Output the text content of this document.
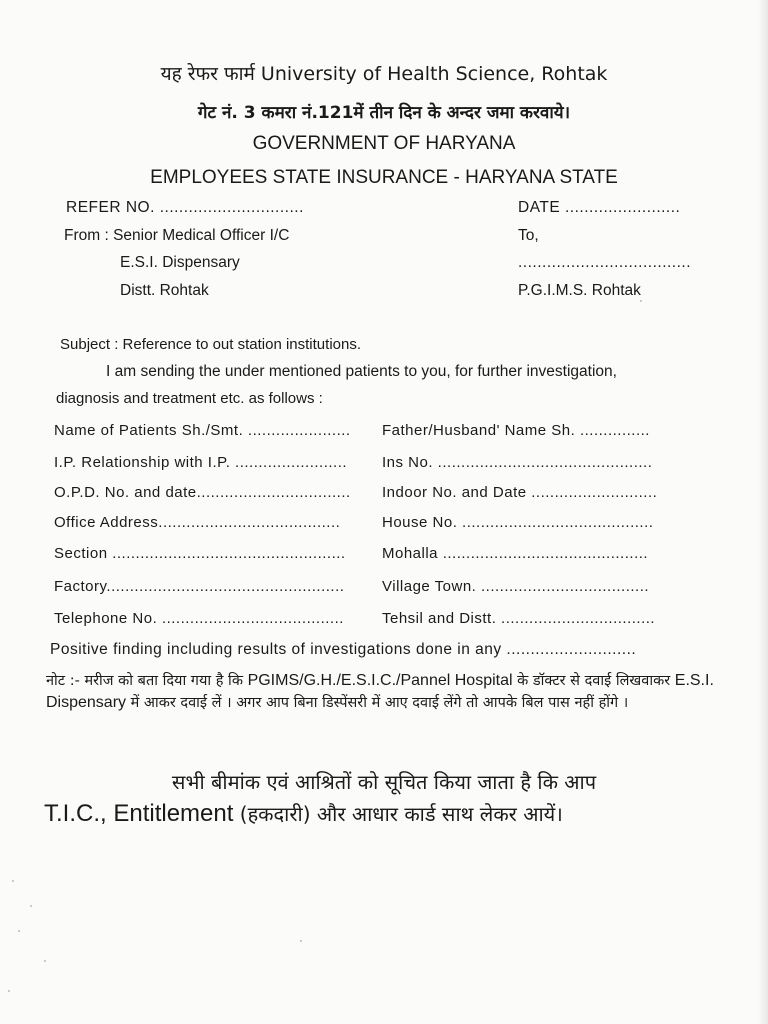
यह रेफर फार्म University of Health Science, Rohtak
गेट नं. 3 कमरा नं.121में तीन दिन के अन्दर जमा करवाये।
GOVERNMENT OF HARYANA
EMPLOYEES STATE INSURANCE - HARYANA STATE
REFER NO. ..............................	DATE ........................
From : Senior Medical Officer I/C	To,
E.S.I. Dispensary	....................................
Distt. Rohtak	P.G.I.M.S. Rohtak
Subject : Reference to out station institutions.
I am sending the under mentioned patients to you, for further investigation,
diagnosis and treatment etc. as follows :
Name of Patients Sh./Smt. ...................... Father/Husband' Name Sh. ...............
I.P. Relationship with I.P. ........................ Ins No. ..............................................
O.P.D. No. and date................................. Indoor No. and Date ...........................
Office Address.......................................	House No. .........................................
Section .................................................. Mohalla ............................................
Factory...................................................	Village Town. ....................................
Telephone No. .......................................	Tehsil and Distt. .................................
Positive finding including results of investigations done in any ...........................
नोट :- मरीज को बता दिया गया है कि PGIMS/G.H./E.S.I.C./Pannel Hospital के डॉक्टर से दवाई लिखवाकर E.S.I. Dispensary में आकर दवाई लें । अगर आप बिना डिस्पेंसरी में आए दवाई लेंगे तो आपके बिल पास नहीं होंगे ।
सभी बीमांक एवं आश्रितों को सूचित किया जाता है कि आप
T.I.C., Entitlement (हकदारी) और आधार कार्ड साथ लेकर आयें।
